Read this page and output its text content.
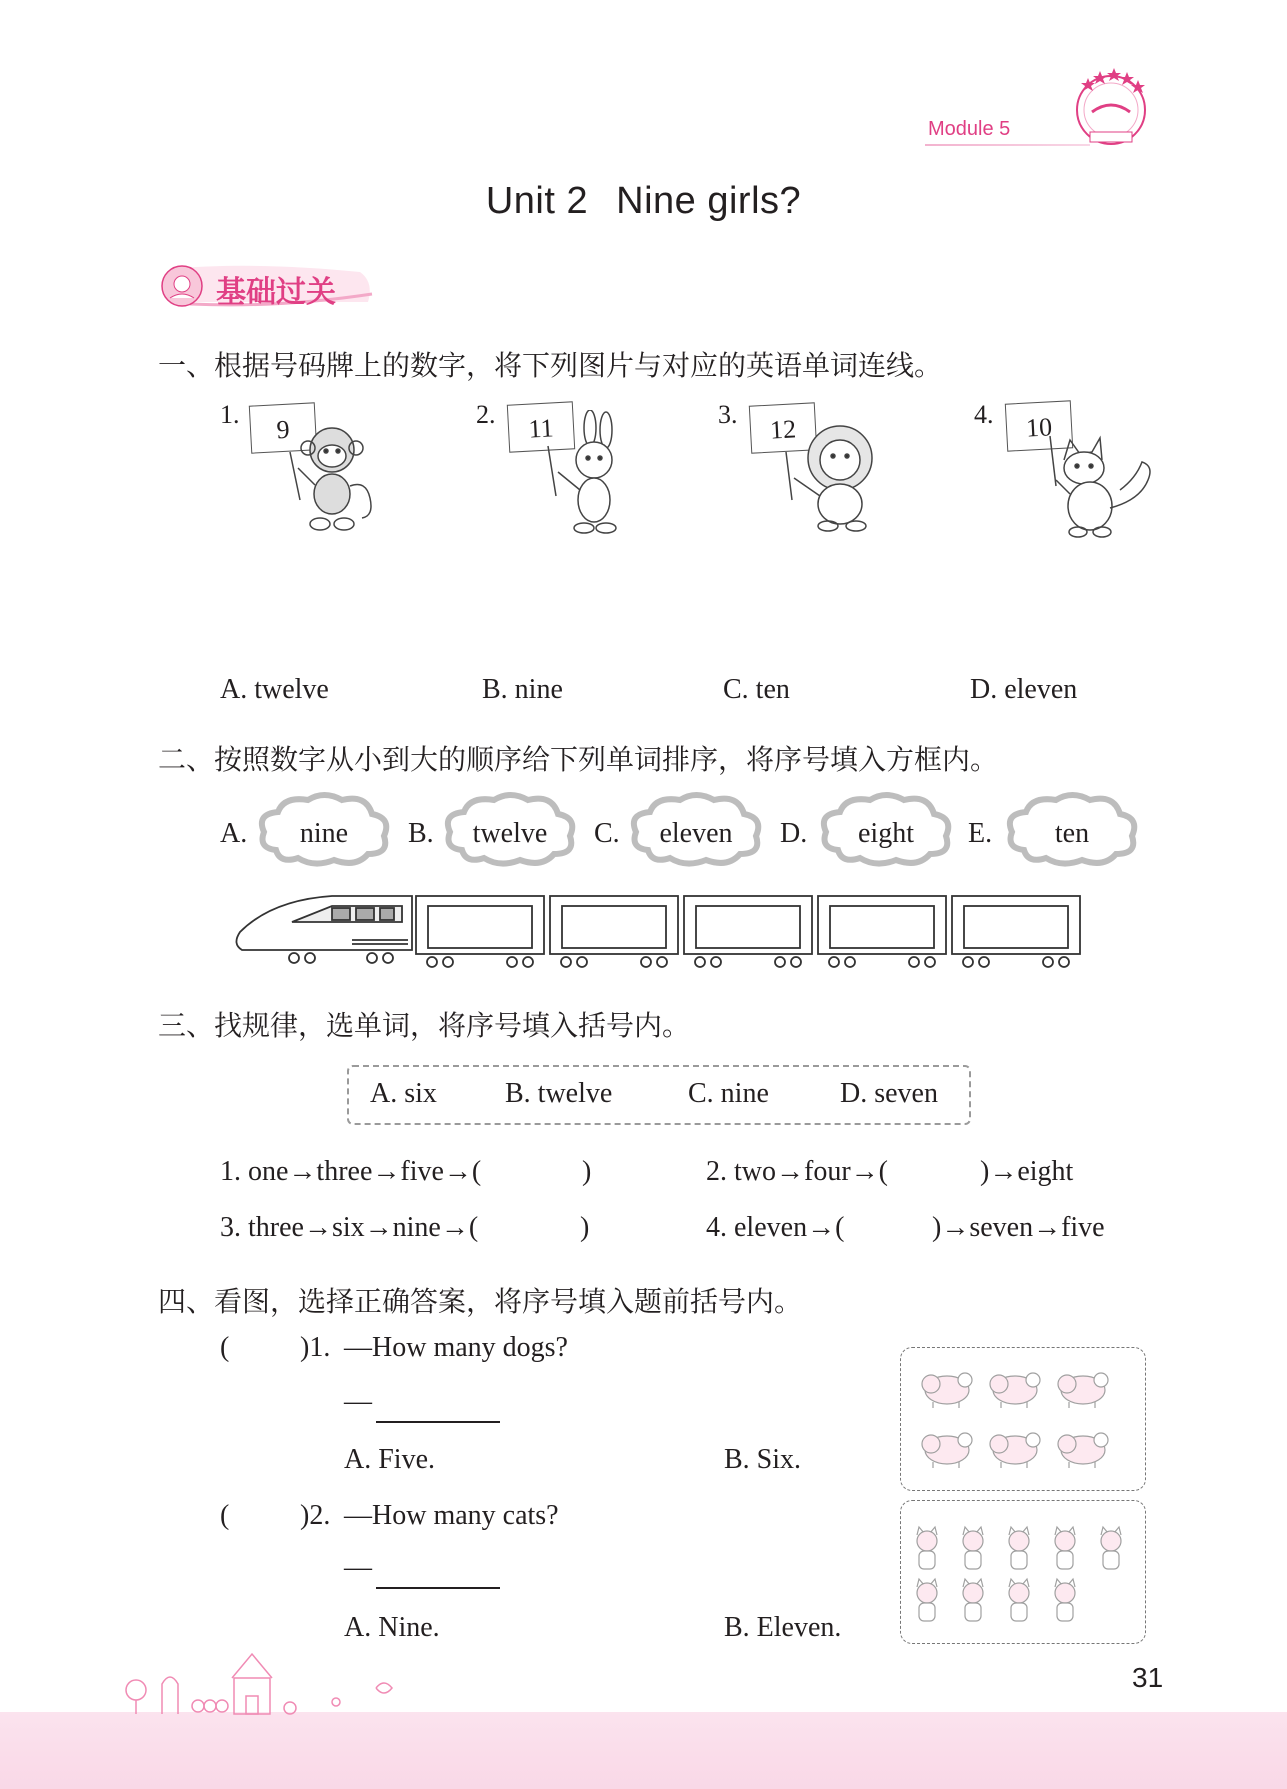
Module 5
Unit 2 Nine girls?
基础过关
一、根据号码牌上的数字，将下列图片与对应的英语单词连线。
1.
9
2.	11	3.	12	4.	10
A. twelve	B. nine	C. ten	D. eleven
二、按照数字从小到大的顺序给下列单词排序，将序号填入方框内。
A.	nine	B.	twelve	C.	eleven	D.	eight	E.	ten
三、找规律，选单词，将序号填入括号内。
A. six B. twelve	C. nine	D. seven
1. one→three→five→(	)	2. two→four→(	)→eight
3. three→six→nine→(	)	4. eleven→(	)→seven→five
四、看图，选择正确答案，将序号填入题前括号内。
(	)1. —How many dogs?
—
A. Five.	B. Six.
(	)2. —How many cats?
—
A. Nine.	B. Eleven.
31
